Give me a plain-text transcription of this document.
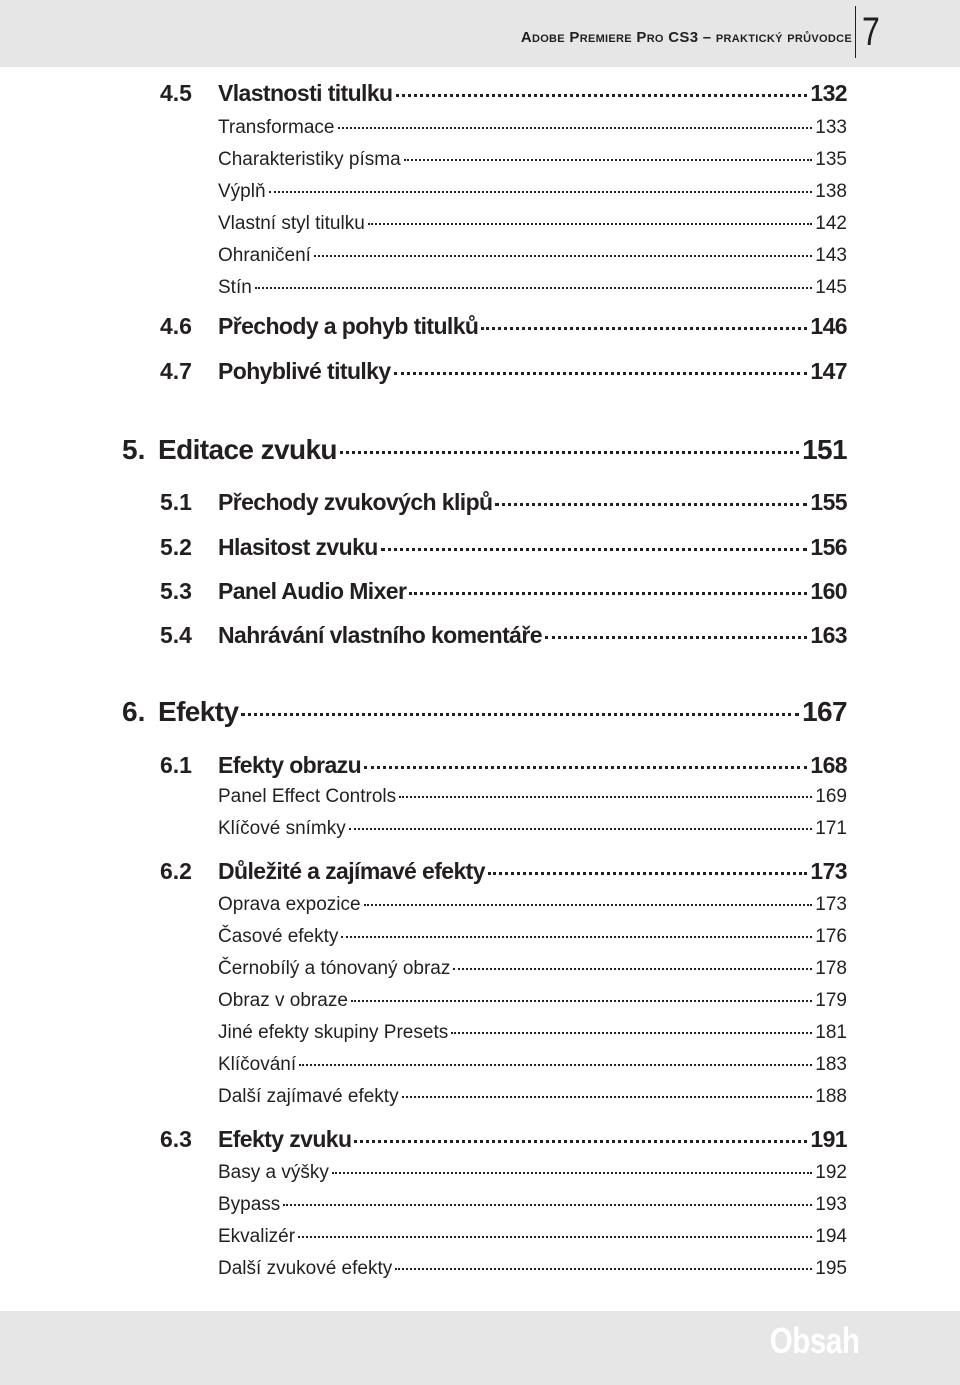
Adobe Premiere Pro CS3 – praktický průvodce 7
4.5	Vlastnosti titulku	132
Transformace	133
Charakteristiky písma	135
Výplň	138
Vlastní styl titulku	142
Ohraničení	143
Stín	145
4.6	Přechody a pohyb titulků	146
4.7	Pohyblivé titulky	147
5. Editace zvuku	151
5.1	Přechody zvukových klipů	155
5.2	Hlasitost zvuku	156
5.3	Panel Audio Mixer	160
5.4	Nahrávání vlastního komentáře	163
6. Efekty	167
6.1	Efekty obrazu	168
Panel Effect Controls	169
Klíčové snímky	171
6.2	Důležité a zajímavé efekty	173
Oprava expozice	173
Časové efekty	176
Černobílý a tónovaný obraz	178
Obraz v obraze	179
Jiné efekty skupiny Presets	181
Klíčování	183
Další zajímavé efekty	188
6.3	Efekty zvuku	191
Basy a výšky	192
Bypass	193
Ekvalizér	194
Další zvukové efekty	195
Obsah
